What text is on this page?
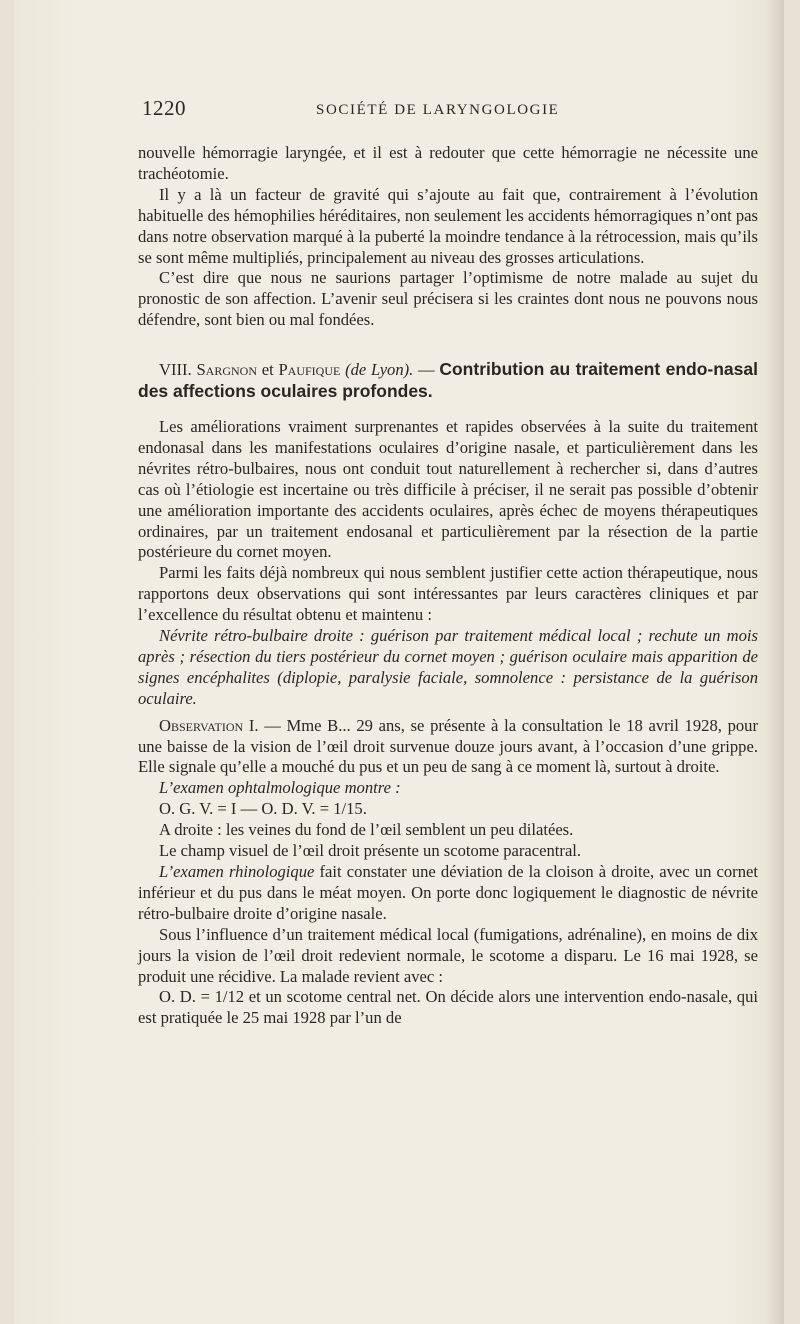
1220	SOCIÉTÉ DE LARYNGOLOGIE

nouvelle hémorragie laryngée, et il est à redouter que cette hémorragie ne nécessite une trachéotomie.

Il y a là un facteur de gravité qui s’ajoute au fait que, contrairement à l’évolution habituelle des hémophilies héréditaires, non seulement les accidents hémorragiques n’ont pas dans notre observation marqué à la puberté la moindre tendance à la rétrocession, mais qu’ils se sont même multipliés, principalement au niveau des grosses articulations.

C’est dire que nous ne saurions partager l’optimisme de notre malade au sujet du pronostic de son affection. L’avenir seul précisera si les craintes dont nous ne pouvons nous défendre, sont bien ou mal fondées.

VIII. Sargnon et Paufique (de Lyon). — Contribution au traitement endo-nasal des affections oculaires profondes.

Les améliorations vraiment surprenantes et rapides observées à la suite du traitement endonasal dans les manifestations oculaires d’origine nasale, et particulièrement dans les névrites rétro-bulbaires, nous ont conduit tout naturellement à rechercher si, dans d’autres cas où l’étiologie est incertaine ou très difficile à préciser, il ne serait pas possible d’obtenir une amélioration importante des accidents oculaires, après échec de moyens thérapeutiques ordinaires, par un traitement endosanal et particulièrement par la résection de la partie postérieure du cornet moyen.

Parmi les faits déjà nombreux qui nous semblent justifier cette action thérapeutique, nous rapportons deux observations qui sont intéressantes par leurs caractères cliniques et par l’excellence du résultat obtenu et maintenu :

Névrite rétro-bulbaire droite : guérison par traitement médical local ; rechute un mois après ; résection du tiers postérieur du cornet moyen ; guérison oculaire mais apparition de signes encéphalites (diplopie, paralysie faciale, somnolence : persistance de la guérison oculaire.

Observation I. — Mme B... 29 ans, se présente à la consultation le 18 avril 1928, pour une baisse de la vision de l’œil droit survenue douze jours avant, à l’occasion d’une grippe. Elle signale qu’elle a mouché du pus et un peu de sang à ce moment là, surtout à droite.

L’examen ophtalmologique montre :

O. G. V. = I — O. D. V. = 1/15.

A droite : les veines du fond de l’œil semblent un peu dilatées.

Le champ visuel de l’œil droit présente un scotome paracentral.

L’examen rhinologique fait constater une déviation de la cloison à droite, avec un cornet inférieur et du pus dans le méat moyen. On porte donc logiquement le diagnostic de névrite rétro-bulbaire droite d’origine nasale.

Sous l’influence d’un traitement médical local (fumigations, adrénaline), en moins de dix jours la vision de l’œil droit redevient normale, le scotome a disparu. Le 16 mai 1928, se produit une récidive. La malade revient avec :

O. D. = 1/12 et un scotome central net. On décide alors une intervention endo-nasale, qui est pratiquée le 25 mai 1928 par l’un de
